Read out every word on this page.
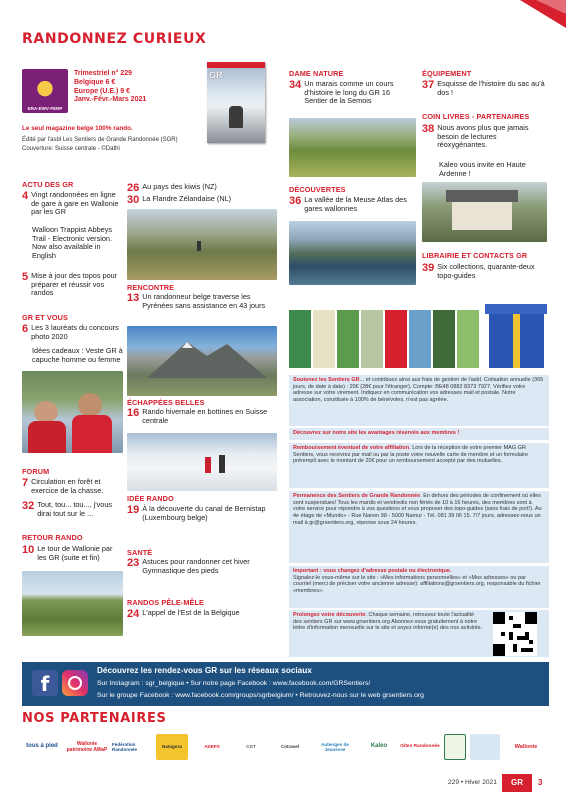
RANDONNEZ CURIEUX
ERA·EWV·FERP
Trimestriel n° 229
Belgique 6 €
Europe (U.E.) 9 €
Janv.-Févr.-Mars 2021
GR
Le seul magazine belge 100% rando.
Édité par l'asbl Les Sentiers de Grande Randonnée (SGR)
Couverture: Suisse centrale - ©Dathi
ACTU DES GR
4 Vingt randonnées en ligne de gare à gare en Wallonie par les GR
Walloon Trappist Abbeys Trail - Electronic version. Now also available in English
5 Mise à jour des topos pour préparer et réussir vos randos
GR ET VOUS
6 Les 3 lauréats du concours photo 2020
Idées cadeaux : Veste GR à capuche homme ou femme
FORUM
7 Circulation en forêt et exercice de la chasse.
32 Tout, tou... tou..., j'vous dirai tout sur le ...
RETOUR RANDO
10 Le tour de Wallonie par les GR (suite et fin)
26 Au pays des kiwis (NZ)
30 La Flandre Zélandaise (NL)
RENCONTRE
13 Un randonneur belge traverse les Pyrénées sans assistance en 43 jours
ÉCHAPPÉES BELLES
16 Rando hivernale en bottines en Suisse centrale
IDÉE RANDO
19 À la découverte du canal de Bernistap (Luxembourg belge)
SANTÉ
23 Astuces pour randonner cet hiver Gymnastique des pieds
RANDOS PÊLE-MÊLE
24 L'appel de l'Est de la Belgique
DAME NATURE
34 Un marais comme un cours d'histoire le long du GR 16 Sentier de la Semois
DÉCOUVERTES
36 La vallée de la Meuse Atlas des gares wallonnes
ÉQUIPEMENT
37 Esquisse de l'histoire du sac au'à dos !
COIN LIVRES - PARTENAIRES
38 Nous avons plus que jamais besoin de lectures réoxygénantes.
Kaleo vous invite en Haute Ardenne !
LIBRAIRIE ET CONTACTS GR
39 Six collections, quarante-deux topo-guides
Soutenez les Sentiers GR... et contribuez ainsi aux frais de gestion de l'asbl. Cotisation annuelle (365 jours, de date à date) : 20€ (28€ pour l'étranger). Compte: BE48 0882 8373 7927. Vérifiez votre adresse sur votre virement. Indiquez en communication vos adresses mail et postale. Notre association, constituée à 100% de bénévoles, n'est pas agréée.
Découvrez sur notre site les avantages réservés aux membres !
Remboursement éventuel de votre affiliation. Lors de la réception de votre premier MAG GR Sentiers, vous recevrez par mail ou par la poste votre nouvelle carte de membre et un formulaire prérempli avec le montant de 20€ pour un remboursement accepté par des mutuelles.
Permanence des Sentiers de Grande Randonnée. En dehors des périodes de confinement où elles sont suspendues! Tous les mardis et vendredis non fériés de 10 à 16 heures, des membres sont à votre service pour répondre à vos questions et vous proposer des topo-guides (sans frais de port!). Au 4e étage de «Mundo» - Rue Nanon 98 - 5000 Namur - Tél. 081 39 06 15. 7/7 jours, adressez-nous un mail à gr@grsentiers.org, réponse sous 24 heures.
Important : vous changez d'adresse postale ou électronique.
Signalez-le vous-même sur le site : «Mes informations personnelles» et «Mes adresses» ou par courriel (merci de préciser votre ancienne adresse): affiliations@grsentiers.org, responsable du fichier «membres».
Prolongez votre découverte. Chaque semaine, retrouvez toute l'actualité des sentiers GR sur www.grsentiers.org Abonnez-vous gratuitement à notre lettre d'information mensuelle sur le site et soyez informé(e) des nos activités.
f
Découvrez les rendez-vous GR sur les réseaux sociaux
Sur Instagram : sgr_belgique • Sur notre page Facebook : www.facebook.com/GRSentiers/
Sur le groupe Facebook : www.facebook.com/groups/sgrbelgium/ • Retrouvez-nous sur le web grsentiers.org
NOS PARTENAIRES
tous à pied	Wallonie patrimoine AWaP
Fédération Randonnée
Natagora	ADEPS	CGT	Cotravel
Auberges de Jeunesse
Kaleo	Gîtes Randonnée	Wallonie
229 • Hiver 2021	GR	3
